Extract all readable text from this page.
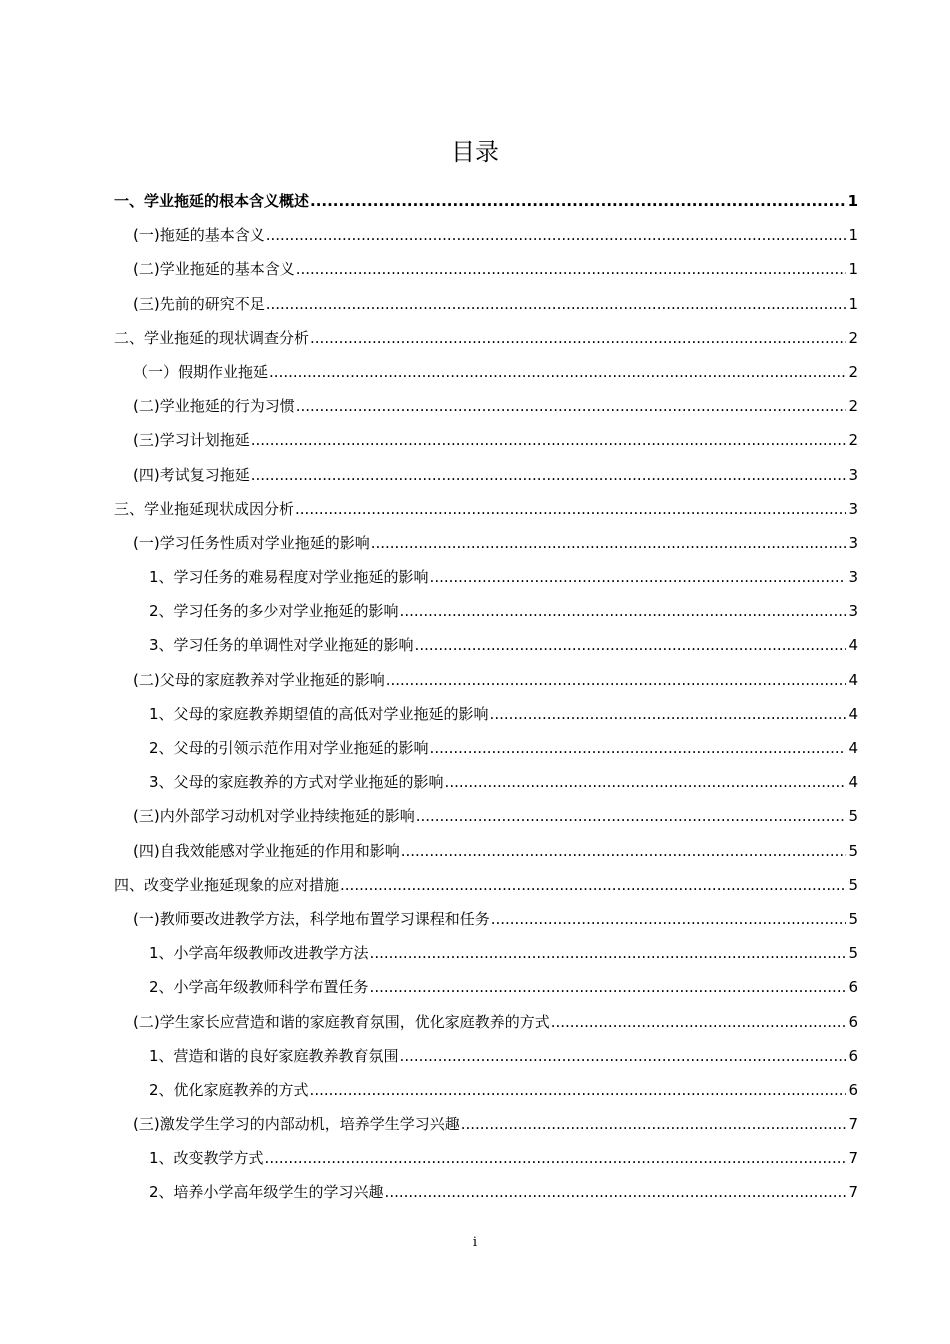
目录
一、学业拖延的根本含义概述 .....	1
(一)拖延的基本含义 .....	1
(二)学业拖延的基本含义 .....	1
(三)先前的研究不足 .....	1
二、学业拖延的现状调查分析 .....	2
（一）假期作业拖延 .....	2
(二)学业拖延的行为习惯 .....	2
(三)学习计划拖延 .....	2
(四)考试复习拖延 .....	3
三、学业拖延现状成因分析 .....	3
(一)学习任务性质对学业拖延的影响 .....	3
1、学习任务的难易程度对学业拖延的影响 .....	3
2、学习任务的多少对学业拖延的影响 .....	3
3、学习任务的单调性对学业拖延的影响 .....	4
(二)父母的家庭教养对学业拖延的影响 .....	4
1、父母的家庭教养期望值的高低对学业拖延的影响 .....	4
2、父母的引领示范作用对学业拖延的影响 .....	4
3、父母的家庭教养的方式对学业拖延的影响 .....	4
(三)内外部学习动机对学业持续拖延的影响 .....	5
(四)自我效能感对学业拖延的作用和影响 .....	5
四、改变学业拖延现象的应对措施 .....	5
(一)教师要改进教学方法，科学地布置学习课程和任务 .....	5
1、小学高年级教师改进教学方法 .....	5
2、小学高年级教师科学布置任务 .....	6
(二)学生家长应营造和谐的家庭教育氛围，优化家庭教养的方式 .....	6
1、营造和谐的良好家庭教养教育氛围 .....	6
2、优化家庭教养的方式 .....	6
(三)激发学生学习的内部动机，培养学生学习兴趣 .....	7
1、改变教学方式 .....	7
2、培养小学高年级学生的学习兴趣 .....	7
i
